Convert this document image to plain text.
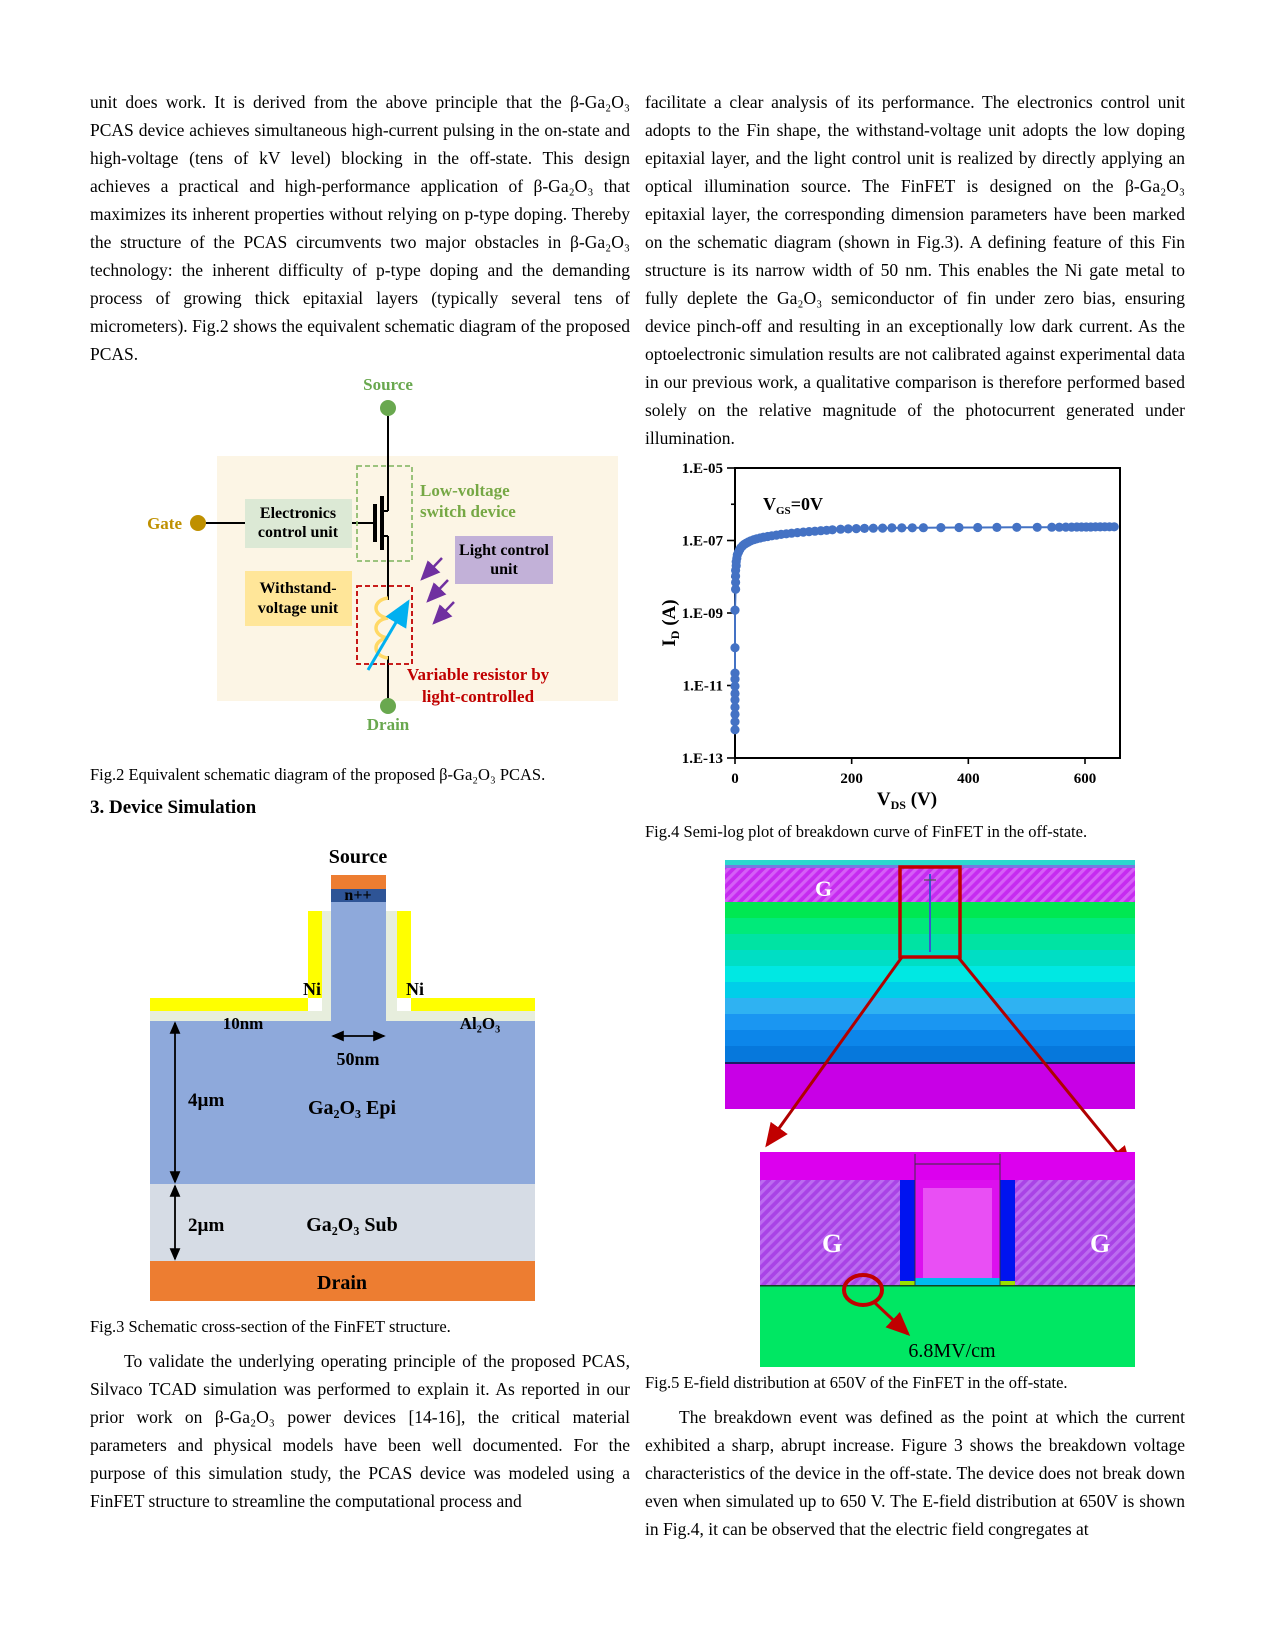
unit does work. It is derived from the above principle that the β-Ga₂O₃ PCAS device achieves simultaneous high-current pulsing in the on-state and high-voltage (tens of kV level) blocking in the off-state. This design achieves a practical and high-performance application of β-Ga₂O₃ that maximizes its inherent properties without relying on p-type doping. Thereby the structure of the PCAS circumvents two major obstacles in β-Ga₂O₃ technology: the inherent difficulty of p-type doping and the demanding process of growing thick epitaxial layers (typically several tens of micrometers). Fig.2 shows the equivalent schematic diagram of the proposed PCAS.

Source
Drain
Gate
Electronics
control unit
Low-voltage
switch device
Withstand-
voltage unit
Light control
unit
Variable resistor by
light-controlled

Fig.2 Equivalent schematic diagram of the proposed β-Ga₂O₃ PCAS.

3. Device Simulation
Source
n++
Ni	Ni
10nm	Al₂O₃
50nm
4µm	Ga₂O₃ Epi
2µm	Ga₂O₃ Sub
Drain

Fig.3 Schematic cross-section of the FinFET structure.

To validate the underlying operating principle of the proposed PCAS, Silvaco TCAD simulation was performed to explain it. As reported in our prior work on β-Ga₂O₃ power devices [14-16], the critical material parameters and physical models have been well documented. For the purpose of this simulation study, the PCAS device was modeled using a FinFET structure to streamline the computational process and

facilitate a clear analysis of its performance. The electronics control unit adopts to the Fin shape, the withstand-voltage unit adopts the low doping epitaxial layer, and the light control unit is realized by directly applying an optical illumination source. The FinFET is designed on the β-Ga₂O₃ epitaxial layer, the corresponding dimension parameters have been marked on the schematic diagram (shown in Fig.3). A defining feature of this Fin structure is its narrow width of 50 nm. This enables the Ni gate metal to fully deplete the Ga₂O₃ semiconductor of fin under zero bias, ensuring device pinch-off and resulting in an exceptionally low dark current. As the optoelectronic simulation results are not calibrated against experimental data in our previous work, a qualitative comparison is therefore performed based solely on the relative magnitude of the photocurrent generated under illumination.

1.E-05
1.E-07
1.E-09
1.E-11
1.E-13
0	200	400	600
$V_{GS}=0V$
$V_{DS}$ (V)
$I_D$ (A)

Fig.4 Semi-log plot of breakdown curve of FinFET in the off-state.

G
G	G
6.8MV/cm

Fig.5 E-field distribution at 650V of the FinFET in the off-state.

The breakdown event was defined as the point at which the current exhibited a sharp, abrupt increase. Figure 3 shows the breakdown voltage characteristics of the device in the off-state. The device does not break down even when simulated up to 650 V. The E-field distribution at 650V is shown in Fig.4, it can be observed that the electric field congregates at
